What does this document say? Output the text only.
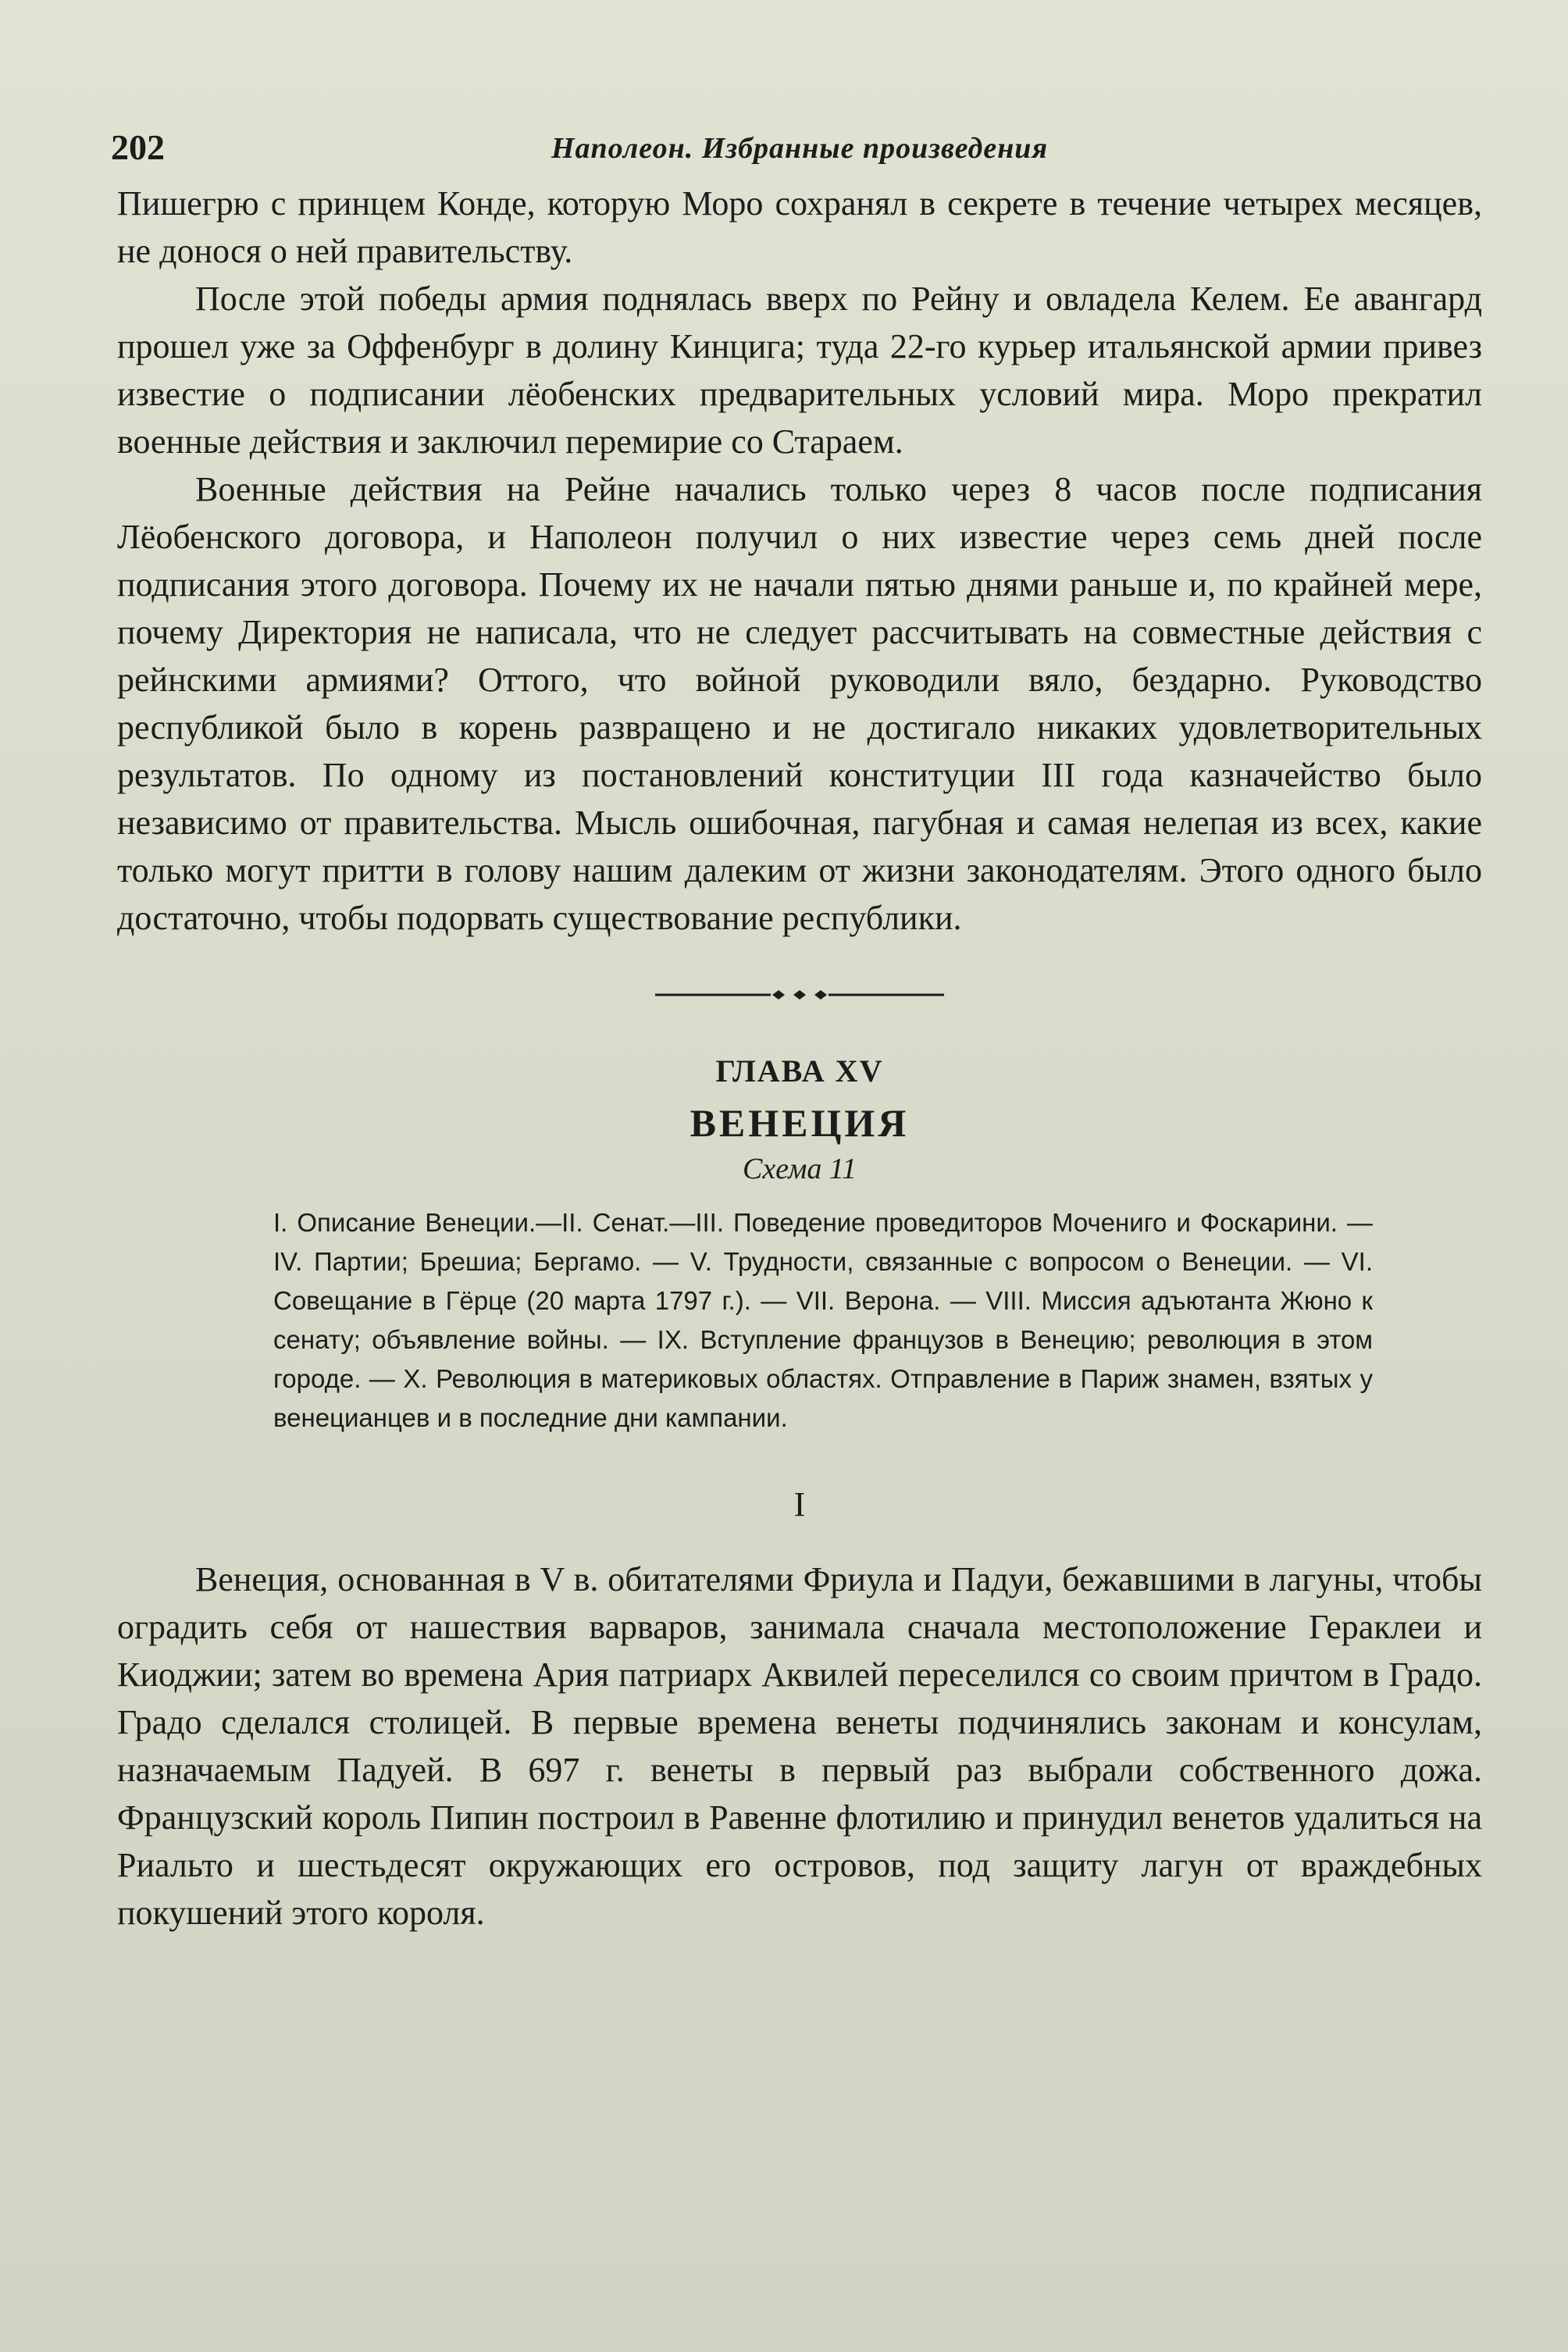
202	Наполеон. Избранные произведения

Пишегрю с принцем Конде, которую Моро сохранял в секрете в течение четырех месяцев, не донося о ней правительству.

После этой победы армия поднялась вверх по Рейну и овладела Келем. Ее авангард прошел уже за Оффенбург в долину Кинцига; туда 22-го курьер итальянской армии привез известие о подписании лёобенских предварительных условий мира. Моро прекратил военные действия и заключил перемирие со Стараем.

Военные действия на Рейне начались только через 8 часов после подписания Лёобенского договора, и Наполеон получил о них известие через семь дней после подписания этого договора. Почему их не начали пятью днями раньше и, по крайней мере, почему Директория не написала, что не следует рассчитывать на совместные действия с рейнскими армиями? Оттого, что войной руководили вяло, бездарно. Руководство республикой было в корень развращено и не достигало никаких удовлетворительных результатов. По одному из постановлений конституции III года казначейство было независимо от правительства. Мысль ошибочная, пагубная и самая нелепая из всех, какие только могут притти в голову нашим далеким от жизни законодателям. Этого одного было достаточно, чтобы подорвать существование республики.

ГЛАВА XV
ВЕНЕЦИЯ
Схема 11

I. Описание Венеции.—II. Сенат.—III. Поведение проведиторов Мочениго и Фоскарини. — IV. Партии; Брешиа; Бергамо. — V. Трудности, связанные с вопросом о Венеции. — VI. Совещание в Гёрце (20 марта 1797 г.). — VII. Верона. — VIII. Миссия адъютанта Жюно к сенату; объявление войны. — IX. Вступление французов в Венецию; революция в этом городе. — X. Революция в материковых областях. Отправление в Париж знамен, взятых у венецианцев и в последние дни кампании.

I

Венеция, основанная в V в. обитателями Фриула и Падуи, бежавшими в лагуны, чтобы оградить себя от нашествия варваров, занимала сначала местоположение Гераклеи и Киоджии; затем во времена Ария патриарх Аквилей переселился со своим причтом в Градо. Градо сделался столицей. В первые времена венеты подчинялись законам и консулам, назначаемым Падуей. В 697 г. венеты в первый раз выбрали собственного дожа. Французский король Пипин построил в Равенне флотилию и принудил венетов удалиться на Риальто и шестьдесят окружающих его островов, под защиту лагун от враждебных покушений этого короля.
